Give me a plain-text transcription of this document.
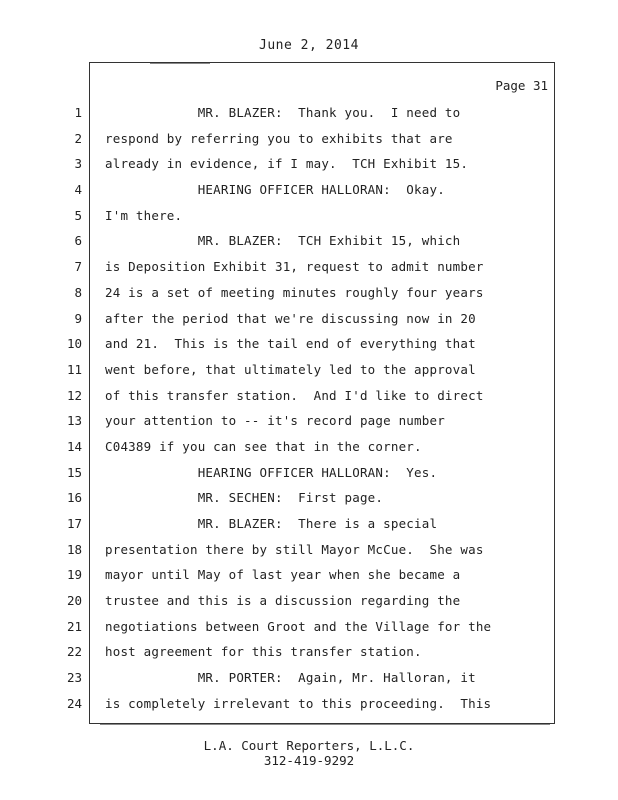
June 2, 2014
Page 31
1
2
3
4
5
6
7
8
9
10
11
12
13
14
15
16
17
18
19
20
21
22
23
24
MR. BLAZER:  Thank you.  I need to
respond by referring you to exhibits that are
already in evidence, if I may.  TCH Exhibit 15.
HEARING OFFICER HALLORAN:  Okay.
I'm there.
MR. BLAZER:  TCH Exhibit 15, which
is Deposition Exhibit 31, request to admit number
24 is a set of meeting minutes roughly four years
after the period that we're discussing now in 20
and 21.  This is the tail end of everything that
went before, that ultimately led to the approval
of this transfer station.  And I'd like to direct
your attention to -- it's record page number
C04389 if you can see that in the corner.
HEARING OFFICER HALLORAN:  Yes.
MR. SECHEN:  First page.
MR. BLAZER:  There is a special
presentation there by still Mayor McCue.  She was
mayor until May of last year when she became a
trustee and this is a discussion regarding the
negotiations between Groot and the Village for the
host agreement for this transfer station.
MR. PORTER:  Again, Mr. Halloran, it
is completely irrelevant to this proceeding.  This
L.A. Court Reporters, L.L.C.
312-419-9292
